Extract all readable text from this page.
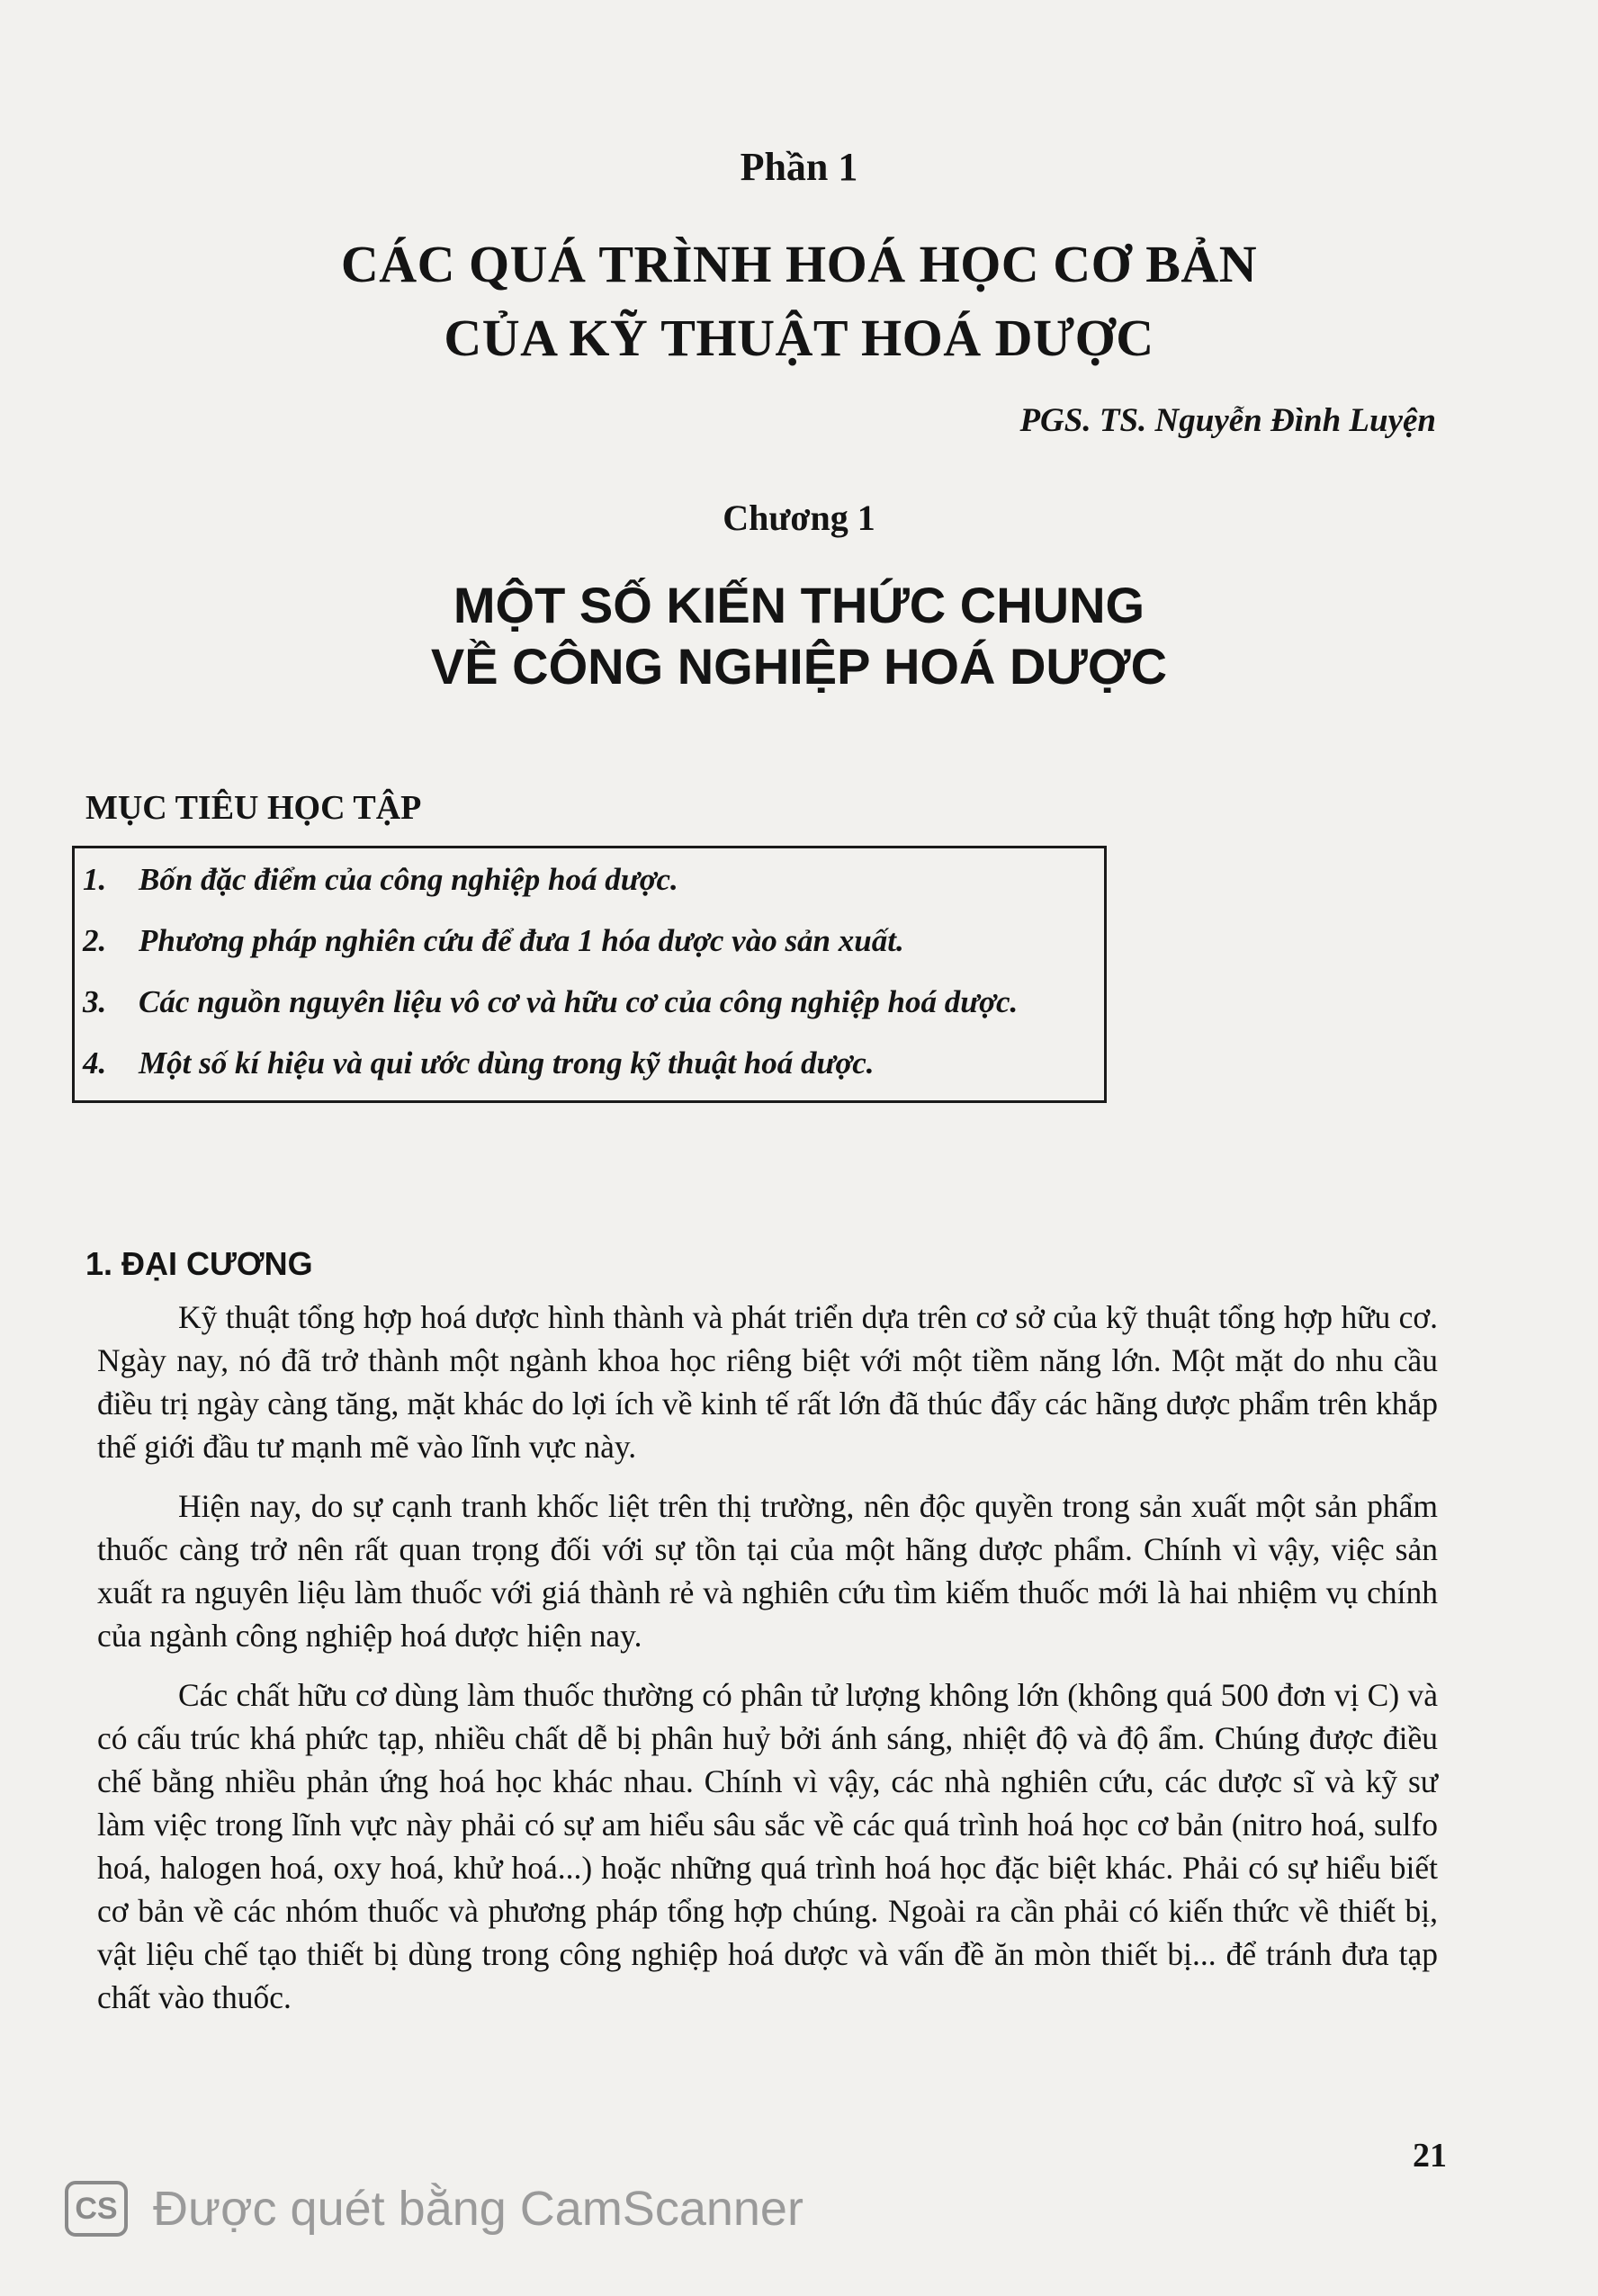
Phần 1
CÁC QUÁ TRÌNH HOÁ HỌC CƠ BẢN
CỦA KỸ THUẬT HOÁ DƯỢC
PGS. TS. Nguyễn Đình Luyện
Chương 1
MỘT SỐ KIẾN THỨC CHUNG
VỀ CÔNG NGHIỆP HOÁ DƯỢC
MỤC TIÊU HỌC TẬP
1. Bốn đặc điểm của công nghiệp hoá dược.
2. Phương pháp nghiên cứu để đưa 1 hóa dược vào sản xuất.
3. Các nguồn nguyên liệu vô cơ và hữu cơ của công nghiệp hoá dược.
4. Một số kí hiệu và qui ước dùng trong kỹ thuật hoá dược.
1. ĐẠI CƯƠNG

Kỹ thuật tổng hợp hoá dược hình thành và phát triển dựa trên cơ sở của kỹ thuật tổng hợp hữu cơ. Ngày nay, nó đã trở thành một ngành khoa học riêng biệt với một tiềm năng lớn. Một mặt do nhu cầu điều trị ngày càng tăng, mặt khác do lợi ích về kinh tế rất lớn đã thúc đẩy các hãng dược phẩm trên khắp thế giới đầu tư mạnh mẽ vào lĩnh vực này.

Hiện nay, do sự cạnh tranh khốc liệt trên thị trường, nên độc quyền trong sản xuất một sản phẩm thuốc càng trở nên rất quan trọng đối với sự tồn tại của một hãng dược phẩm. Chính vì vậy, việc sản xuất ra nguyên liệu làm thuốc với giá thành rẻ và nghiên cứu tìm kiếm thuốc mới là hai nhiệm vụ chính của ngành công nghiệp hoá dược hiện nay.

Các chất hữu cơ dùng làm thuốc thường có phân tử lượng không lớn (không quá 500 đơn vị C) và có cấu trúc khá phức tạp, nhiều chất dễ bị phân huỷ bởi ánh sáng, nhiệt độ và độ ẩm. Chúng được điều chế bằng nhiều phản ứng hoá học khác nhau. Chính vì vậy, các nhà nghiên cứu, các dược sĩ và kỹ sư làm việc trong lĩnh vực này phải có sự am hiểu sâu sắc về các quá trình hoá học cơ bản (nitro hoá, sulfo hoá, halogen hoá, oxy hoá, khử hoá...) hoặc những quá trình hoá học đặc biệt khác. Phải có sự hiểu biết cơ bản về các nhóm thuốc và phương pháp tổng hợp chúng. Ngoài ra cần phải có kiến thức về thiết bị, vật liệu chế tạo thiết bị dùng trong công nghiệp hoá dược và vấn đề ăn mòn thiết bị... để tránh đưa tạp chất vào thuốc.

21
CS Được quét bằng CamScanner
